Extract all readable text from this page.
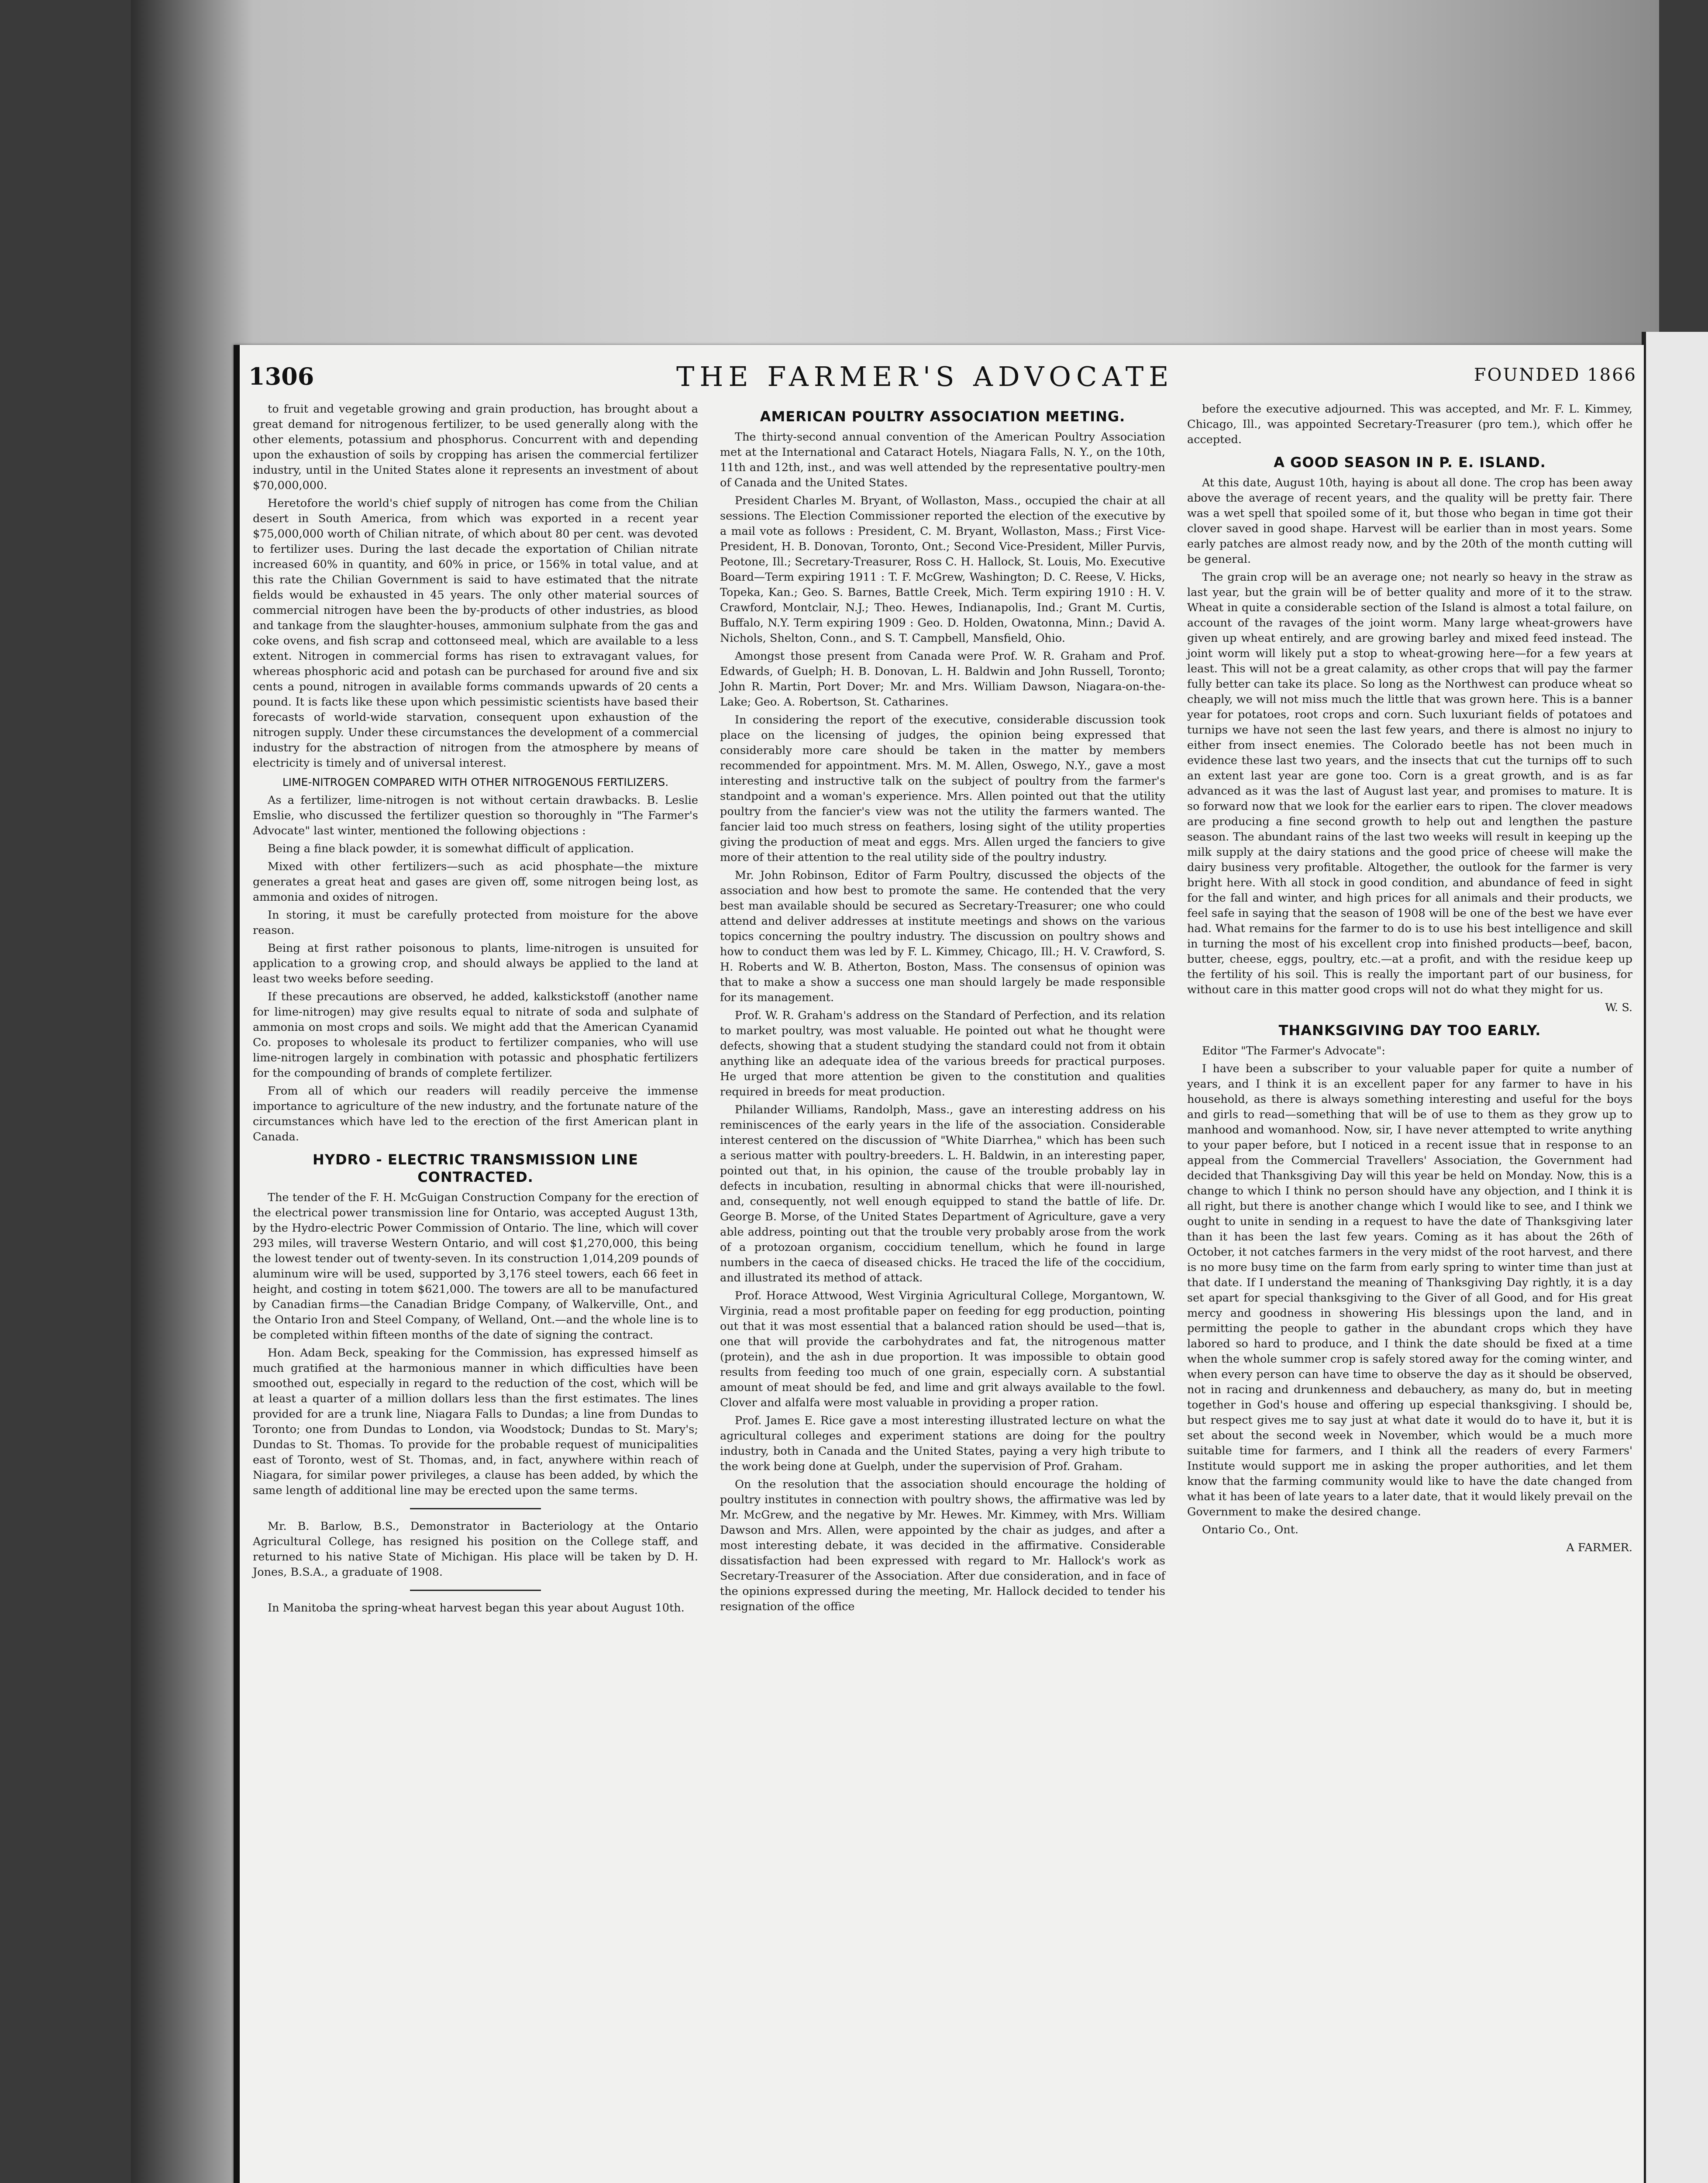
1306	THE FARMER'S ADVOCATE	FOUNDED 1866

to fruit and vegetable growing and grain production, has brought about a great demand for nitrogenous fertilizer, to be used generally along with the other elements, potassium and phosphorus. Concurrent with and depending upon the exhaustion of soils by cropping has arisen the commercial fertilizer industry, until in the United States alone it represents an investment of about $70,000,000.

Heretofore the world's chief supply of nitrogen has come from the Chilian desert in South America, from which was exported in a recent year $75,000,000 worth of Chilian nitrate, of which about 80 per cent. was devoted to fertilizer uses. During the last decade the exportation of Chilian nitrate increased 60% in quantity, and 60% in price, or 156% in total value, and at this rate the Chilian Government is said to have estimated that the nitrate fields would be exhausted in 45 years. The only other material sources of commercial nitrogen have been the by-products of other industries, as blood and tankage from the slaughter-houses, ammonium sulphate from the gas and coke ovens, and fish scrap and cottonseed meal, which are available to a less extent. Nitrogen in commercial forms has risen to extravagant values, for whereas phosphoric acid and potash can be purchased for around five and six cents a pound, nitrogen in available forms commands upwards of 20 cents a pound. It is facts like these upon which pessimistic scientists have based their forecasts of world-wide starvation, consequent upon exhaustion of the nitrogen supply. Under these circumstances the development of a commercial industry for the abstraction of nitrogen from the atmosphere by means of electricity is timely and of universal interest.

LIME-NITROGEN COMPARED WITH OTHER NITROGENOUS FERTILIZERS.

As a fertilizer, lime-nitrogen is not without certain drawbacks. B. Leslie Emslie, who discussed the fertilizer question so thoroughly in "The Farmer's Advocate" last winter, mentioned the following objections :

Being a fine black powder, it is somewhat difficult of application.

Mixed with other fertilizers—such as acid phosphate—the mixture generates a great heat and gases are given off, some nitrogen being lost, as ammonia and oxides of nitrogen.

In storing, it must be carefully protected from moisture for the above reason.

Being at first rather poisonous to plants, lime-nitrogen is unsuited for application to a growing crop, and should always be applied to the land at least two weeks before seeding.

If these precautions are observed, he added, kalkstickstoff (another name for lime-nitrogen) may give results equal to nitrate of soda and sulphate of ammonia on most crops and soils. We might add that the American Cyanamid Co. proposes to wholesale its product to fertilizer companies, who will use lime-nitrogen largely in combination with potassic and phosphatic fertilizers for the compounding of brands of complete fertilizer.

From all of which our readers will readily perceive the immense importance to agriculture of the new industry, and the fortunate nature of the circumstances which have led to the erection of the first American plant in Canada.

HYDRO - ELECTRIC TRANSMISSION LINE CONTRACTED.

The tender of the F. H. McGuigan Construction Company for the erection of the electrical power transmission line for Ontario, was accepted August 13th, by the Hydro-electric Power Commission of Ontario. The line, which will cover 293 miles, will traverse Western Ontario, and will cost $1,270,000, this being the lowest tender out of twenty-seven. In its construction 1,014,209 pounds of aluminum wire will be used, supported by 3,176 steel towers, each 66 feet in height, and costing in totem $621,000. The towers are all to be manufactured by Canadian firms—the Canadian Bridge Company, of Walkerville, Ont., and the Ontario Iron and Steel Company, of Welland, Ont.—and the whole line is to be completed within fifteen months of the date of signing the contract.

Hon. Adam Beck, speaking for the Commission, has expressed himself as much gratified at the harmonious manner in which difficulties have been smoothed out, especially in regard to the reduction of the cost, which will be at least a quarter of a million dollars less than the first estimates. The lines provided for are a trunk line, Niagara Falls to Dundas; a line from Dundas to Toronto; one from Dundas to London, via Woodstock; Dundas to St. Mary's; Dundas to St. Thomas. To provide for the probable request of municipalities east of Toronto, west of St. Thomas, and, in fact, anywhere within reach of Niagara, for similar power privileges, a clause has been added, by which the same length of additional line may be erected upon the same terms.

Mr. B. Barlow, B.S., Demonstrator in Bacteriology at the Ontario Agricultural College, has resigned his position on the College staff, and returned to his native State of Michigan. His place will be taken by D. H. Jones, B.S.A., a graduate of 1908.

In Manitoba the spring-wheat harvest began this year about August 10th.

AMERICAN POULTRY ASSOCIATION MEETING.

The thirty-second annual convention of the American Poultry Association met at the International and Cataract Hotels, Niagara Falls, N. Y., on the 10th, 11th and 12th, inst., and was well attended by the representative poultry-men of Canada and the United States.

President Charles M. Bryant, of Wollaston, Mass., occupied the chair at all sessions. The Election Commissioner reported the election of the executive by a mail vote as follows : President, C. M. Bryant, Wollaston, Mass.; First Vice-President, H. B. Donovan, Toronto, Ont.; Second Vice-President, Miller Purvis, Peotone, Ill.; Secretary-Treasurer, Ross C. H. Hallock, St. Louis, Mo. Executive Board—Term expiring 1911 : T. F. McGrew, Washington; D. C. Reese, V. Hicks, Topeka, Kan.; Geo. S. Barnes, Battle Creek, Mich. Term expiring 1910 : H. V. Crawford, Montclair, N.J.; Theo. Hewes, Indianapolis, Ind.; Grant M. Curtis, Buffalo, N.Y. Term expiring 1909 : Geo. D. Holden, Owatonna, Minn.; David A. Nichols, Shelton, Conn., and S. T. Campbell, Mansfield, Ohio.

Amongst those present from Canada were Prof. W. R. Graham and Prof. Edwards, of Guelph; H. B. Donovan, L. H. Baldwin and John Russell, Toronto; John R. Martin, Port Dover; Mr. and Mrs. William Dawson, Niagara-on-the-Lake; Geo. A. Robertson, St. Catharines.

In considering the report of the executive, considerable discussion took place on the licensing of judges, the opinion being expressed that considerably more care should be taken in the matter by members recommended for appointment. Mrs. M. M. Allen, Oswego, N.Y., gave a most interesting and instructive talk on the subject of poultry from the farmer's standpoint and a woman's experience. Mrs. Allen pointed out that the utility poultry from the fancier's view was not the utility the farmers wanted. The fancier laid too much stress on feathers, losing sight of the utility properties giving the production of meat and eggs. Mrs. Allen urged the fanciers to give more of their attention to the real utility side of the poultry industry.

Mr. John Robinson, Editor of Farm Poultry, discussed the objects of the association and how best to promote the same. He contended that the very best man available should be secured as Secretary-Treasurer; one who could attend and deliver addresses at institute meetings and shows on the various topics concerning the poultry industry. The discussion on poultry shows and how to conduct them was led by F. L. Kimmey, Chicago, Ill.; H. V. Crawford, S. H. Roberts and W. B. Atherton, Boston, Mass. The consensus of opinion was that to make a show a success one man should largely be made responsible for its management.

Prof. W. R. Graham's address on the Standard of Perfection, and its relation to market poultry, was most valuable. He pointed out what he thought were defects, showing that a student studying the standard could not from it obtain anything like an adequate idea of the various breeds for practical purposes. He urged that more attention be given to the constitution and qualities required in breeds for meat production.

Philander Williams, Randolph, Mass., gave an interesting address on his reminiscences of the early years in the life of the association. Considerable interest centered on the discussion of "White Diarrhea," which has been such a serious matter with poultry-breeders. L. H. Baldwin, in an interesting paper, pointed out that, in his opinion, the cause of the trouble probably lay in defects in incubation, resulting in abnormal chicks that were ill-nourished, and, consequently, not well enough equipped to stand the battle of life. Dr. George B. Morse, of the United States Department of Agriculture, gave a very able address, pointing out that the trouble very probably arose from the work of a protozoan organism, coccidium tenellum, which he found in large numbers in the caeca of diseased chicks. He traced the life of the coccidium, and illustrated its method of attack.

Prof. Horace Attwood, West Virginia Agricultural College, Morgantown, W. Virginia, read a most profitable paper on feeding for egg production, pointing out that it was most essential that a balanced ration should be used—that is, one that will provide the carbohydrates and fat, the nitrogenous matter (protein), and the ash in due proportion. It was impossible to obtain good results from feeding too much of one grain, especially corn. A substantial amount of meat should be fed, and lime and grit always available to the fowl. Clover and alfalfa were most valuable in providing a proper ration.

Prof. James E. Rice gave a most interesting illustrated lecture on what the agricultural colleges and experiment stations are doing for the poultry industry, both in Canada and the United States, paying a very high tribute to the work being done at Guelph, under the supervision of Prof. Graham.

On the resolution that the association should encourage the holding of poultry institutes in connection with poultry shows, the affirmative was led by Mr. McGrew, and the negative by Mr. Hewes. Mr. Kimmey, with Mrs. William Dawson and Mrs. Allen, were appointed by the chair as judges, and after a most interesting debate, it was decided in the affirmative. Considerable dissatisfaction had been expressed with regard to Mr. Hallock's work as Secretary-Treasurer of the Association. After due consideration, and in face of the opinions expressed during the meeting, Mr. Hallock decided to tender his resignation of the office

before the executive adjourned. This was accepted, and Mr. F. L. Kimmey, Chicago, Ill., was appointed Secretary-Treasurer (pro tem.), which offer he accepted.

A GOOD SEASON IN P. E. ISLAND.

At this date, August 10th, haying is about all done. The crop has been away above the average of recent years, and the quality will be pretty fair. There was a wet spell that spoiled some of it, but those who began in time got their clover saved in good shape. Harvest will be earlier than in most years. Some early patches are almost ready now, and by the 20th of the month cutting will be general.

The grain crop will be an average one; not nearly so heavy in the straw as last year, but the grain will be of better quality and more of it to the straw. Wheat in quite a considerable section of the Island is almost a total failure, on account of the ravages of the joint worm. Many large wheat-growers have given up wheat entirely, and are growing barley and mixed feed instead. The joint worm will likely put a stop to wheat-growing here—for a few years at least. This will not be a great calamity, as other crops that will pay the farmer fully better can take its place. So long as the Northwest can produce wheat so cheaply, we will not miss much the little that was grown here. This is a banner year for potatoes, root crops and corn. Such luxuriant fields of potatoes and turnips we have not seen the last few years, and there is almost no injury to either from insect enemies. The Colorado beetle has not been much in evidence these last two years, and the insects that cut the turnips off to such an extent last year are gone too. Corn is a great growth, and is as far advanced as it was the last of August last year, and promises to mature. It is so forward now that we look for the earlier ears to ripen. The clover meadows are producing a fine second growth to help out and lengthen the pasture season. The abundant rains of the last two weeks will result in keeping up the milk supply at the dairy stations and the good price of cheese will make the dairy business very profitable. Altogether, the outlook for the farmer is very bright here. With all stock in good condition, and abundance of feed in sight for the fall and winter, and high prices for all animals and their products, we feel safe in saying that the season of 1908 will be one of the best we have ever had. What remains for the farmer to do is to use his best intelligence and skill in turning the most of his excellent crop into finished products—beef, bacon, butter, cheese, eggs, poultry, etc.—at a profit, and with the residue keep up the fertility of his soil. This is really the important part of our business, for without care in this matter good crops will not do what they might for us.

W. S.

THANKSGIVING DAY TOO EARLY.

Editor "The Farmer's Advocate":

I have been a subscriber to your valuable paper for quite a number of years, and I think it is an excellent paper for any farmer to have in his household, as there is always something interesting and useful for the boys and girls to read—something that will be of use to them as they grow up to manhood and womanhood. Now, sir, I have never attempted to write anything to your paper before, but I noticed in a recent issue that in response to an appeal from the Commercial Travellers' Association, the Government had decided that Thanksgiving Day will this year be held on Monday. Now, this is a change to which I think no person should have any objection, and I think it is all right, but there is another change which I would like to see, and I think we ought to unite in sending in a request to have the date of Thanksgiving later than it has been the last few years. Coming as it has about the 26th of October, it not catches farmers in the very midst of the root harvest, and there is no more busy time on the farm from early spring to winter time than just at that date. If I understand the meaning of Thanksgiving Day rightly, it is a day set apart for special thanksgiving to the Giver of all Good, and for His great mercy and goodness in showering His blessings upon the land, and in permitting the people to gather in the abundant crops which they have labored so hard to produce, and I think the date should be fixed at a time when the whole summer crop is safely stored away for the coming winter, and when every person can have time to observe the day as it should be observed, not in racing and drunkenness and debauchery, as many do, but in meeting together in God's house and offering up especial thanksgiving. I should be, but respect gives me to say just at what date it would do to have it, but it is set about the second week in November, which would be a much more suitable time for farmers, and I think all the readers of every Farmers' Institute would support me in asking the proper authorities, and let them know that the farming community would like to have the date changed from what it has been of late years to a later date, that it would likely prevail on the Government to make the desired change.

Ontario Co., Ont.

A FARMER.
